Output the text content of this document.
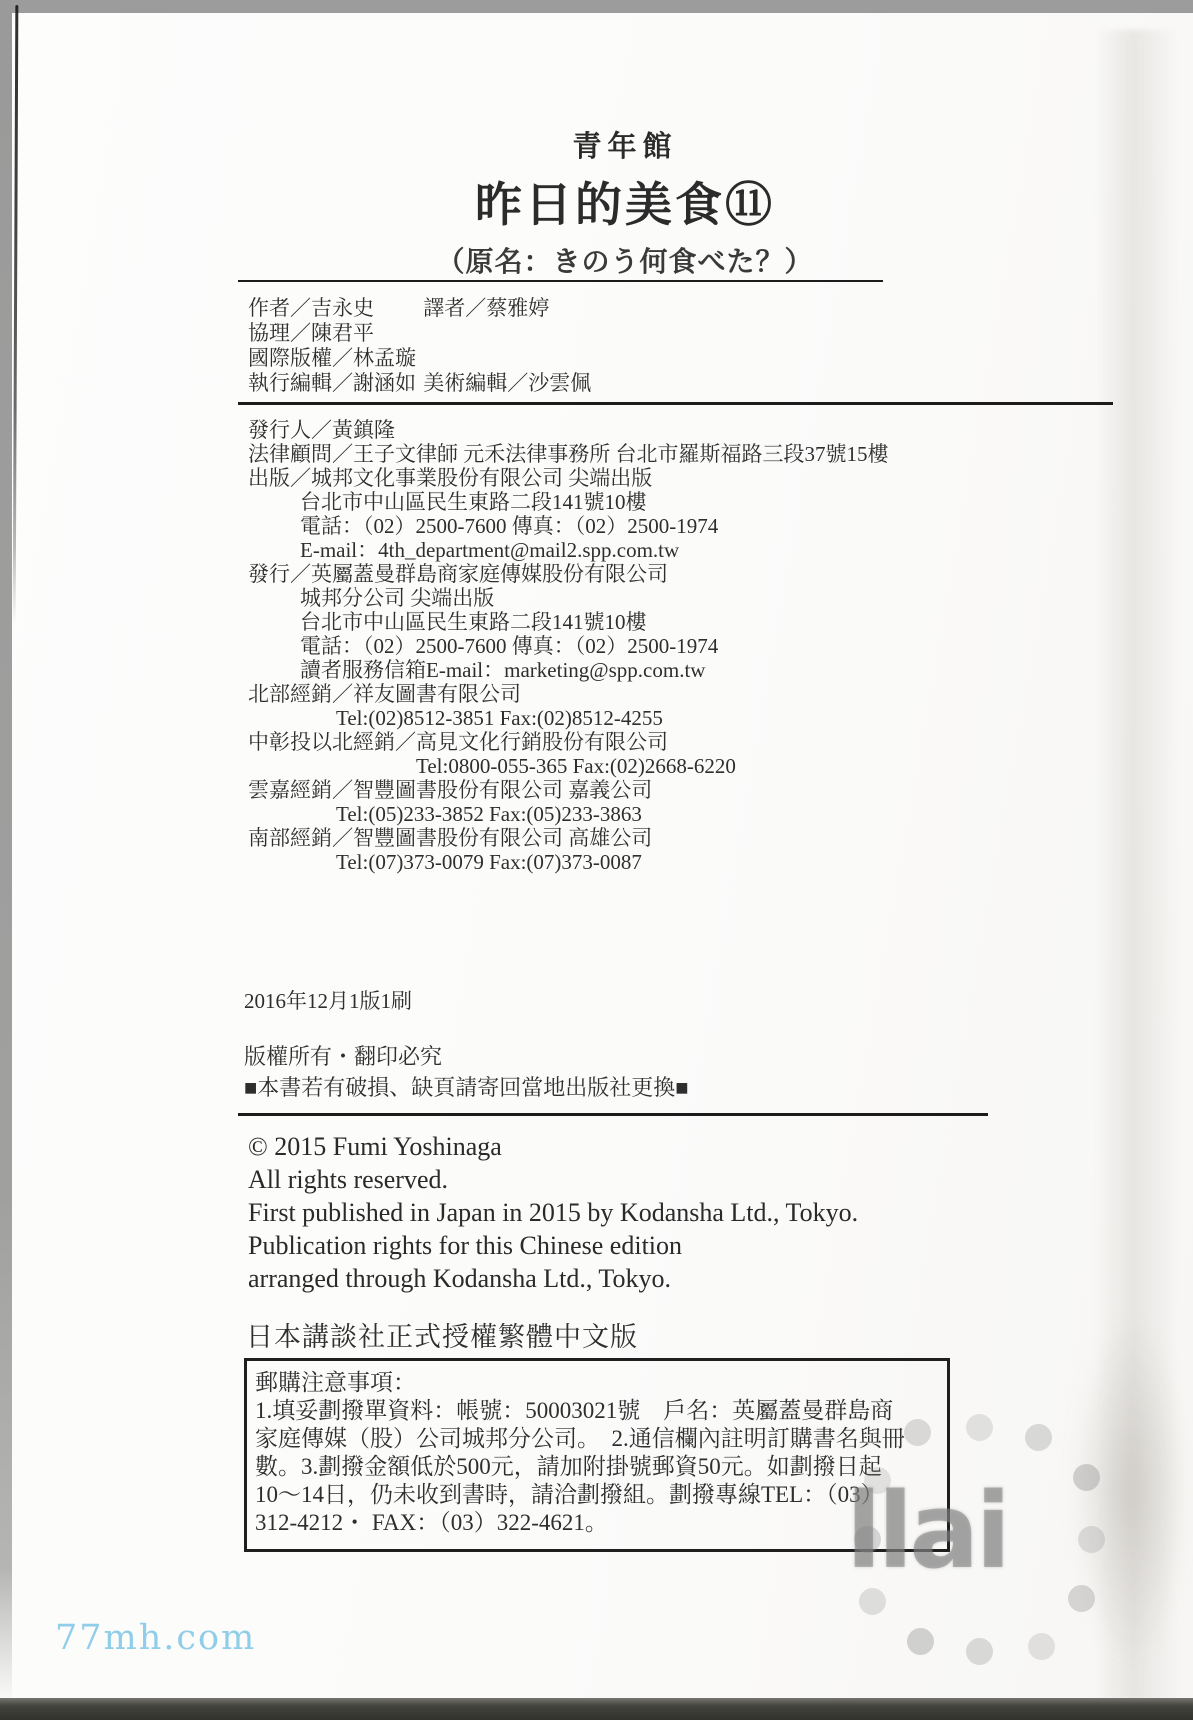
青年館
昨日的美食⑪
（原名：きのう何食べた？）
作者／吉永史 譯者／蔡雅婷
協理／陳君平
國際版權／林孟璇
執行編輯／謝涵如 美術編輯／沙雲佩
發行人／黃鎮隆
法律顧問／王子文律師 元禾法律事務所 台北市羅斯福路三段37號15樓
出版／城邦文化事業股份有限公司 尖端出版
台北市中山區民生東路二段141號10樓
電話：（02）2500-7600 傳真：（02）2500-1974
E-mail：4th_department@mail2.spp.com.tw
發行／英屬蓋曼群島商家庭傳媒股份有限公司
城邦分公司 尖端出版
台北市中山區民生東路二段141號10樓
電話：（02）2500-7600 傳真：（02）2500-1974
讀者服務信箱E-mail：marketing@spp.com.tw
北部經銷／祥友圖書有限公司
Tel:(02)8512-3851 Fax:(02)8512-4255
中彰投以北經銷／高見文化行銷股份有限公司
Tel:0800-055-365 Fax:(02)2668-6220
雲嘉經銷／智豐圖書股份有限公司 嘉義公司
Tel:(05)233-3852 Fax:(05)233-3863
南部經銷／智豐圖書股份有限公司 高雄公司
Tel:(07)373-0079 Fax:(07)373-0087
2016年12月1版1刷
版權所有・翻印必究
■本書若有破損、缺頁請寄回當地出版社更換■
© 2015 Fumi Yoshinaga
All rights reserved.
First published in Japan in 2015 by Kodansha Ltd., Tokyo.
Publication rights for this Chinese edition
arranged through Kodansha Ltd., Tokyo.
日本講談社正式授權繁體中文版
郵購注意事項：
1.填妥劃撥單資料：帳號：50003021號　戶名：英屬蓋曼群島商
家庭傳媒（股）公司城邦分公司。　2.通信欄內註明訂購書名與冊
數。3.劃撥金額低於500元，請加附掛號郵資50元。如劃撥日起
10～14日，仍未收到書時，請洽劃撥組。劃撥專線TEL：（03）
312-4212・ FAX：（03）322-4621。	llai
77mh.com
